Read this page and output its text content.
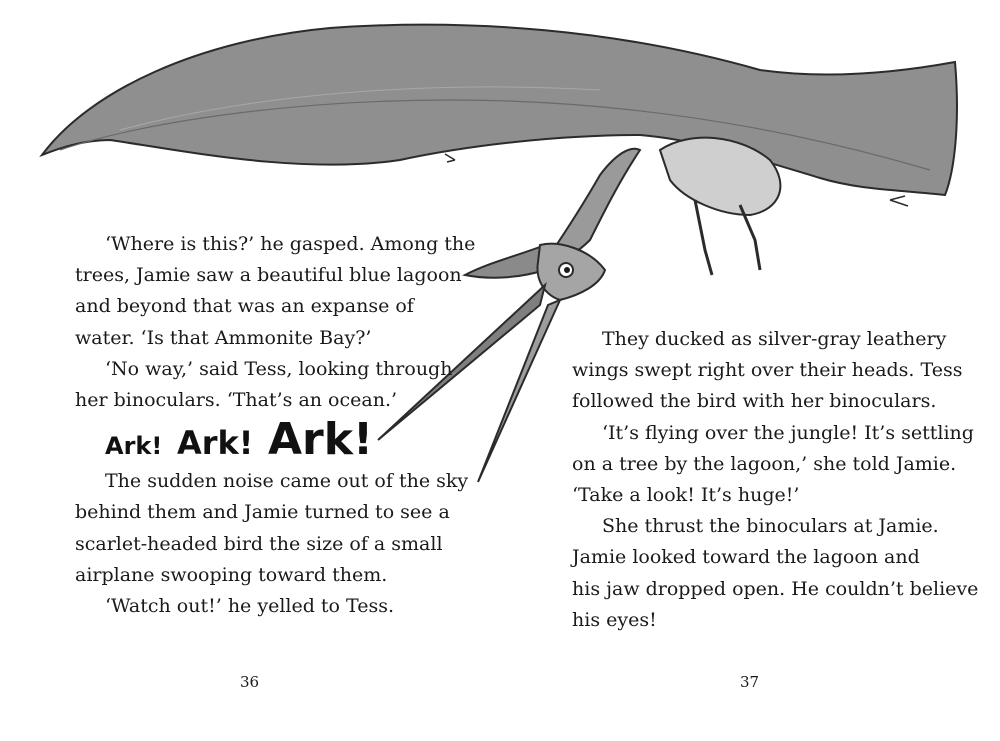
‘Where is this?’ he gasped. Among the
trees, Jamie saw a beautiful blue lagoon
and beyond that was an expanse of
water. ‘Is that Ammonite Bay?’
‘No way,’ said Tess, looking through
her binoculars. ‘That’s an ocean.’
Ark! Ark! Ark!
The sudden noise came out of the sky
behind them and Jamie turned to see a
scarlet-headed bird the size of a small
airplane swooping toward them.
‘Watch out!’ he yelled to Tess.
They ducked as silver-gray leathery
wings swept right over their heads. Tess
followed the bird with her binoculars.
‘It’s flying over the jungle! It’s settling
on a tree by the lagoon,’ she told Jamie.
‘Take a look! It’s huge!’
She thrust the binoculars at Jamie.
Jamie looked toward the lagoon and
his jaw dropped open. He couldn’t believe
his eyes!
36	37
